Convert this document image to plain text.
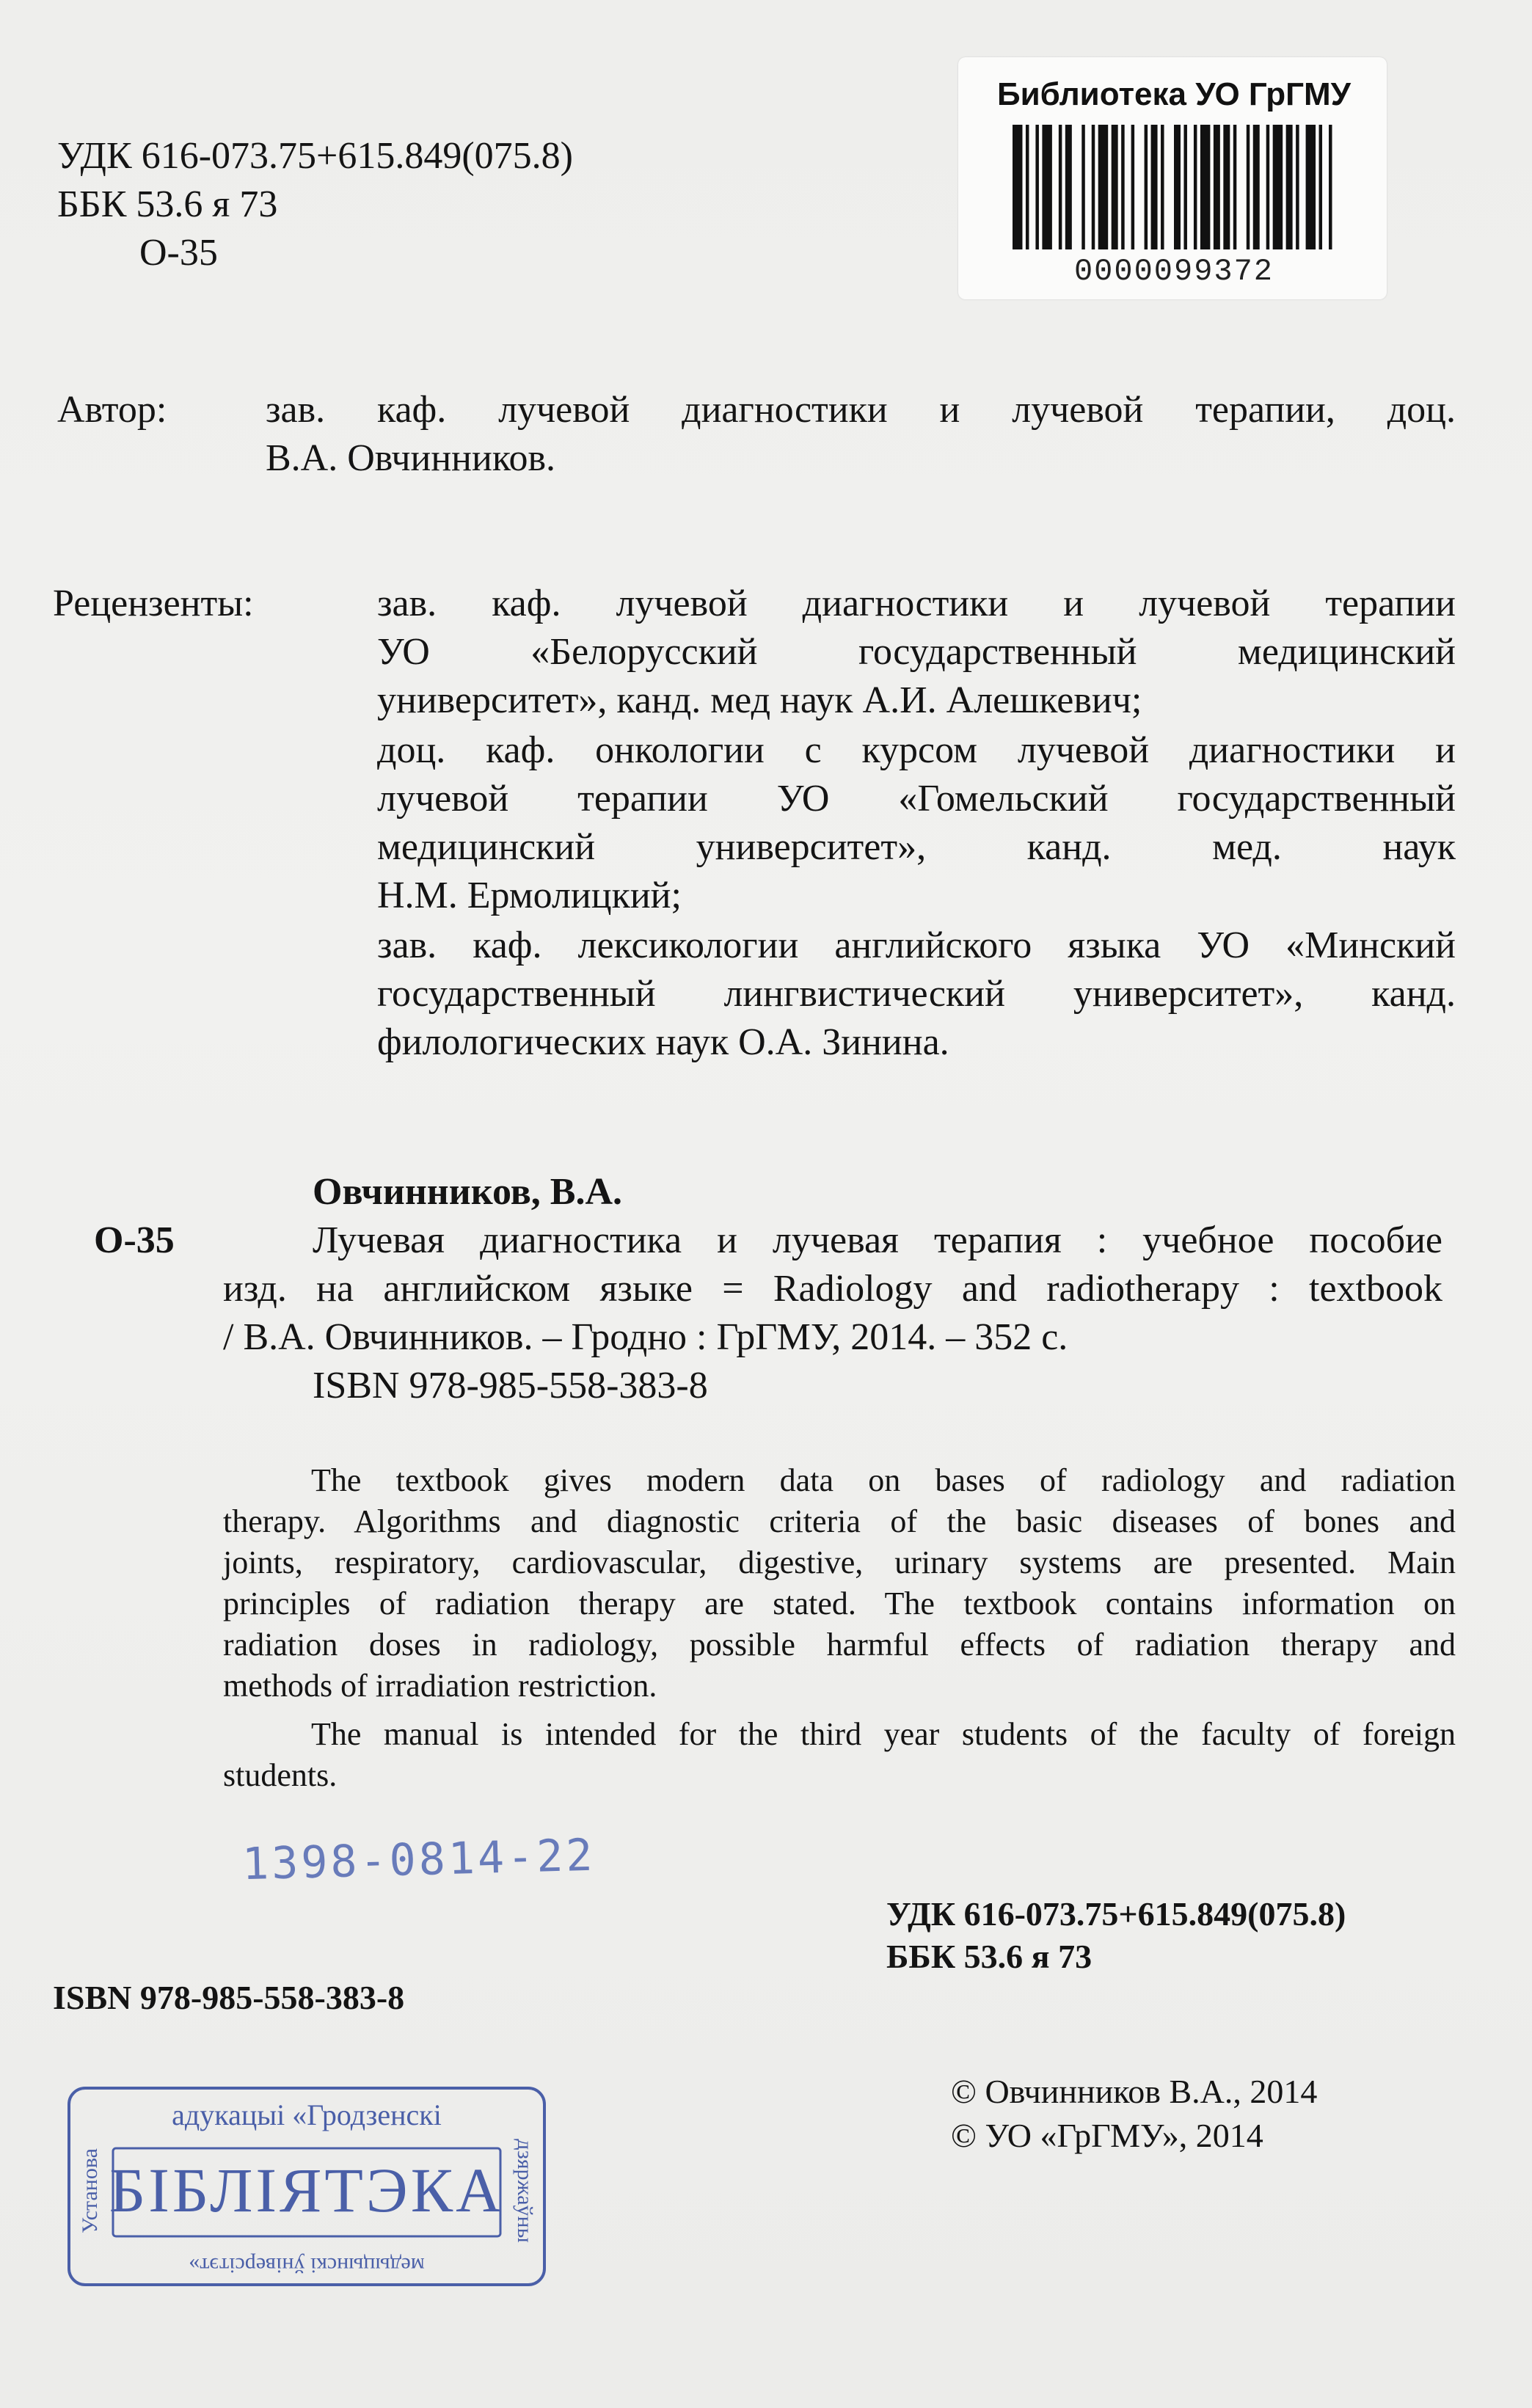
УДК 616-073.75+615.849(075.8)
ББК 53.6 я 73
О-35
Библиотека УО ГрГМУ
0000099372
Автор:	зав. каф. лучевой диагностики и лучевой терапии, доц.
В.А. Овчинников.
Рецензенты:	зав. каф. лучевой диагностики и лучевой терапии
УО «Белорусский государственный медицинский
университет», канд. мед наук А.И. Алешкевич;
доц. каф. онкологии с курсом лучевой диагностики и
лучевой терапии УО «Гомельский государственный
медицинский университет», канд. мед. наук
Н.М. Ермолицкий;
зав. каф. лексикологии английского языка УО «Минский
государственный лингвистический университет», канд.
филологических наук О.А. Зинина.
Овчинников, В.А.
О-35	Лучевая диагностика и лучевая терапия : учебное пособие
изд. на английском языке = Radiology and radiotherapy : textbook
/ В.А. Овчинников. – Гродно : ГрГМУ, 2014. – 352 с.
ISBN 978-985-558-383-8
The textbook gives modern data on bases of radiology and radiation
therapy. Algorithms and diagnostic criteria of the basic diseases of bones and
joints, respiratory, cardiovascular, digestive, urinary systems are presented. Main
principles of radiation therapy are stated. The textbook contains information on
radiation doses in radiology, possible harmful effects of radiation therapy and
methods of irradiation restriction.
The manual is intended for the third year students of the faculty of foreign
students.
1398-0814-22
УДК 616-073.75+615.849(075.8)
ББК 53.6 я 73
ISBN 978-985-558-383-8
© Овчинников В.А., 2014
© УО «ГрГМУ», 2014
адукацыі «Гродзенскі
БІБЛІЯТЭКА
медыцынскі ўніверсітэт»
Установа	дзяржаўны
